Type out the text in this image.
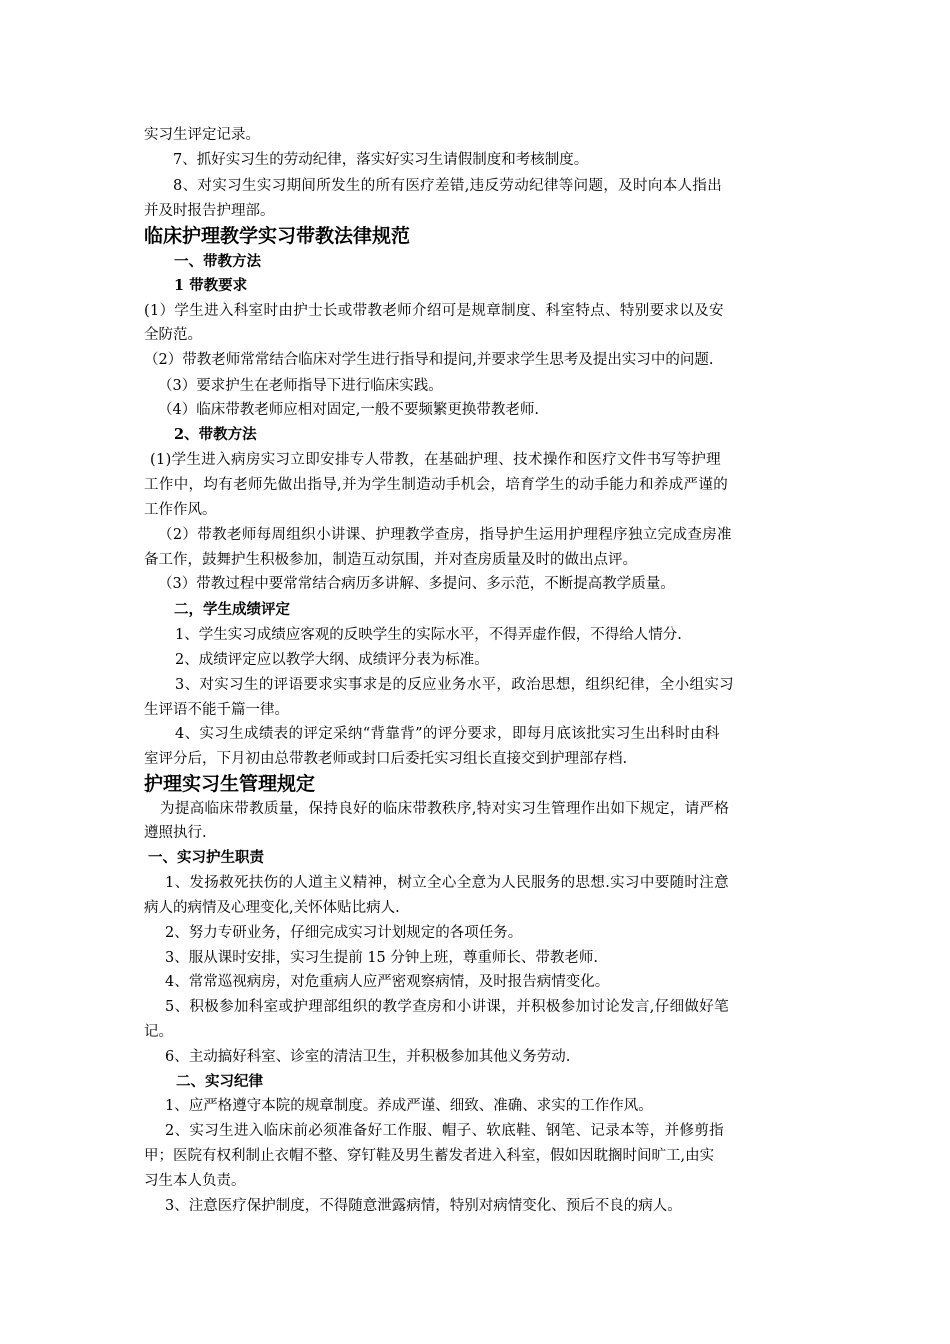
实习生评定记录。
7、抓好实习生的劳动纪律，落实好实习生请假制度和考核制度。
8、对实习生实习期间所发生的所有医疗差错,违反劳动纪律等问题，及时向本人指出
并及时报告护理部。
临床护理教学实习带教法律规范
一、带教方法
1 带教要求
(1）学生进入科室时由护士长或带教老师介绍可是规章制度、科室特点、特别要求以及安
全防范。
（2）带教老师常常结合临床对学生进行指导和提问,并要求学生思考及提出实习中的问题.
（3）要求护生在老师指导下进行临床实践。
（4）临床带教老师应相对固定,一般不要频繁更换带教老师.
2、带教方法
(1)学生进入病房实习立即安排专人带教，在基础护理、技术操作和医疗文件书写等护理
工作中，均有老师先做出指导,并为学生制造动手机会，培育学生的动手能力和养成严谨的
工作作风。
（2）带教老师每周组织小讲课、护理教学查房，指导护生运用护理程序独立完成查房准
备工作，鼓舞护生积极参加，制造互动氛围，并对查房质量及时的做出点评。
（3）带教过程中要常常结合病历多讲解、多提问、多示范，不断提高教学质量。
二，学生成绩评定
1、学生实习成绩应客观的反映学生的实际水平，不得弄虚作假，不得给人情分.
2、成绩评定应以教学大纲、成绩评分表为标准。
3、对实习生的评语要求实事求是的反应业务水平，政治思想，组织纪律，全小组实习
生评语不能千篇一律。
4、实习生成绩表的评定采纳“背靠背”的评分要求，即每月底该批实习生出科时由科
室评分后，下月初由总带教老师或封口后委托实习组长直接交到护理部存档.
护理实习生管理规定
为提高临床带教质量，保持良好的临床带教秩序,特对实习生管理作出如下规定，请严格
遵照执行.
一、实习护生职责
1、发扬救死扶伤的人道主义精神，树立全心全意为人民服务的思想.实习中要随时注意
病人的病情及心理变化,关怀体贴比病人.
2、努力专研业务，仔细完成实习计划规定的各项任务。
3、服从课时安排，实习生提前 15 分钟上班，尊重师长、带教老师.
4、常常巡视病房，对危重病人应严密观察病情，及时报告病情变化。
5、积极参加科室或护理部组织的教学查房和小讲课，并积极参加讨论发言,仔细做好笔
记。
6、主动搞好科室、诊室的清洁卫生，并积极参加其他义务劳动.
二、实习纪律
1、应严格遵守本院的规章制度。养成严谨、细致、准确、求实的工作作风。
2、实习生进入临床前必须准备好工作服、帽子、软底鞋、钢笔、记录本等，并修剪指
甲；医院有权利制止衣帽不整、穿钉鞋及男生蓄发者进入科室，假如因耽搁时间旷工,由实
习生本人负责。
3、注意医疗保护制度，不得随意泄露病情，特别对病情变化、预后不良的病人。
